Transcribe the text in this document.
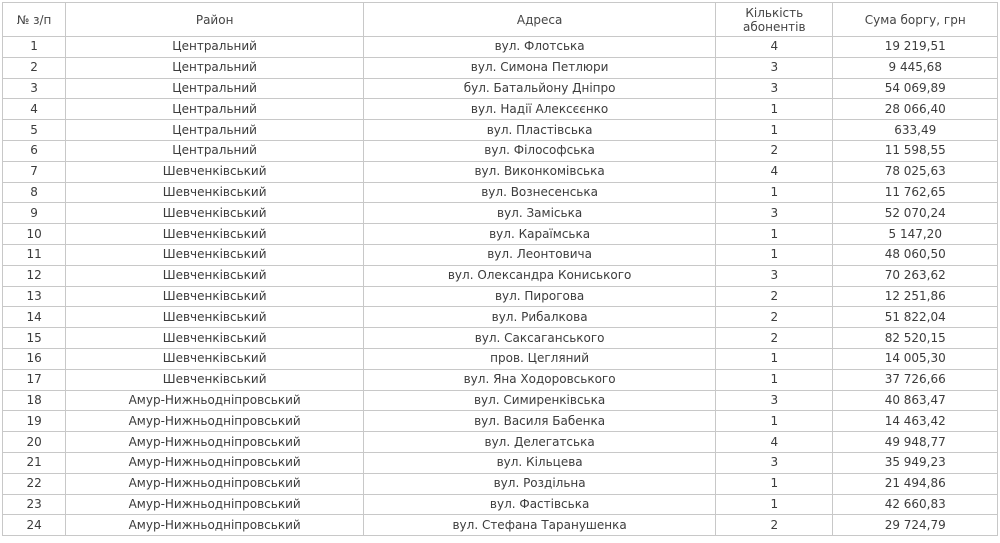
№ з/п	Район	Адреса	Кількість абонентів	Сума боргу, грн
1	Центральний	вул. Флотська	4	19 219,51
2	Центральний	вул. Симона Петлюри	3	9 445,68
3	Центральний	бул. Батальйону Дніпро	3	54 069,89
4	Центральний	вул. Надії Алексєєнко	1	28 066,40
5	Центральний	вул. Пластівська	1	633,49
6	Центральний	вул. Філософська	2	11 598,55
7	Шевченківський	вул. Виконкомівська	4	78 025,63
8	Шевченківський	вул. Вознесенська	1	11 762,65
9	Шевченківський	вул. Заміська	3	52 070,24
10	Шевченківський	вул. Караїмська	1	5 147,20
11	Шевченківський	вул. Леонтовича	1	48 060,50
12	Шевченківський	вул. Олександра Кониського	3	70 263,62
13	Шевченківський	вул. Пирогова	2	12 251,86
14	Шевченківський	вул. Рибалкова	2	51 822,04
15	Шевченківський	вул. Саксаганського	2	82 520,15
16	Шевченківський	пров. Цегляний	1	14 005,30
17	Шевченківський	вул. Яна Ходоровського	1	37 726,66
18	Амур-Нижньодніпровський	вул. Симиренківська	3	40 863,47
19	Амур-Нижньодніпровський	вул. Василя Бабенка	1	14 463,42
20	Амур-Нижньодніпровський	вул. Делегатська	4	49 948,77
21	Амур-Нижньодніпровський	вул. Кільцева	3	35 949,23
22	Амур-Нижньодніпровський	вул. Роздільна	1	21 494,86
23	Амур-Нижньодніпровський	вул. Фастівська	1	42 660,83
24	Амур-Нижньодніпровський	вул. Стефана Таранушенка	2	29 724,79
